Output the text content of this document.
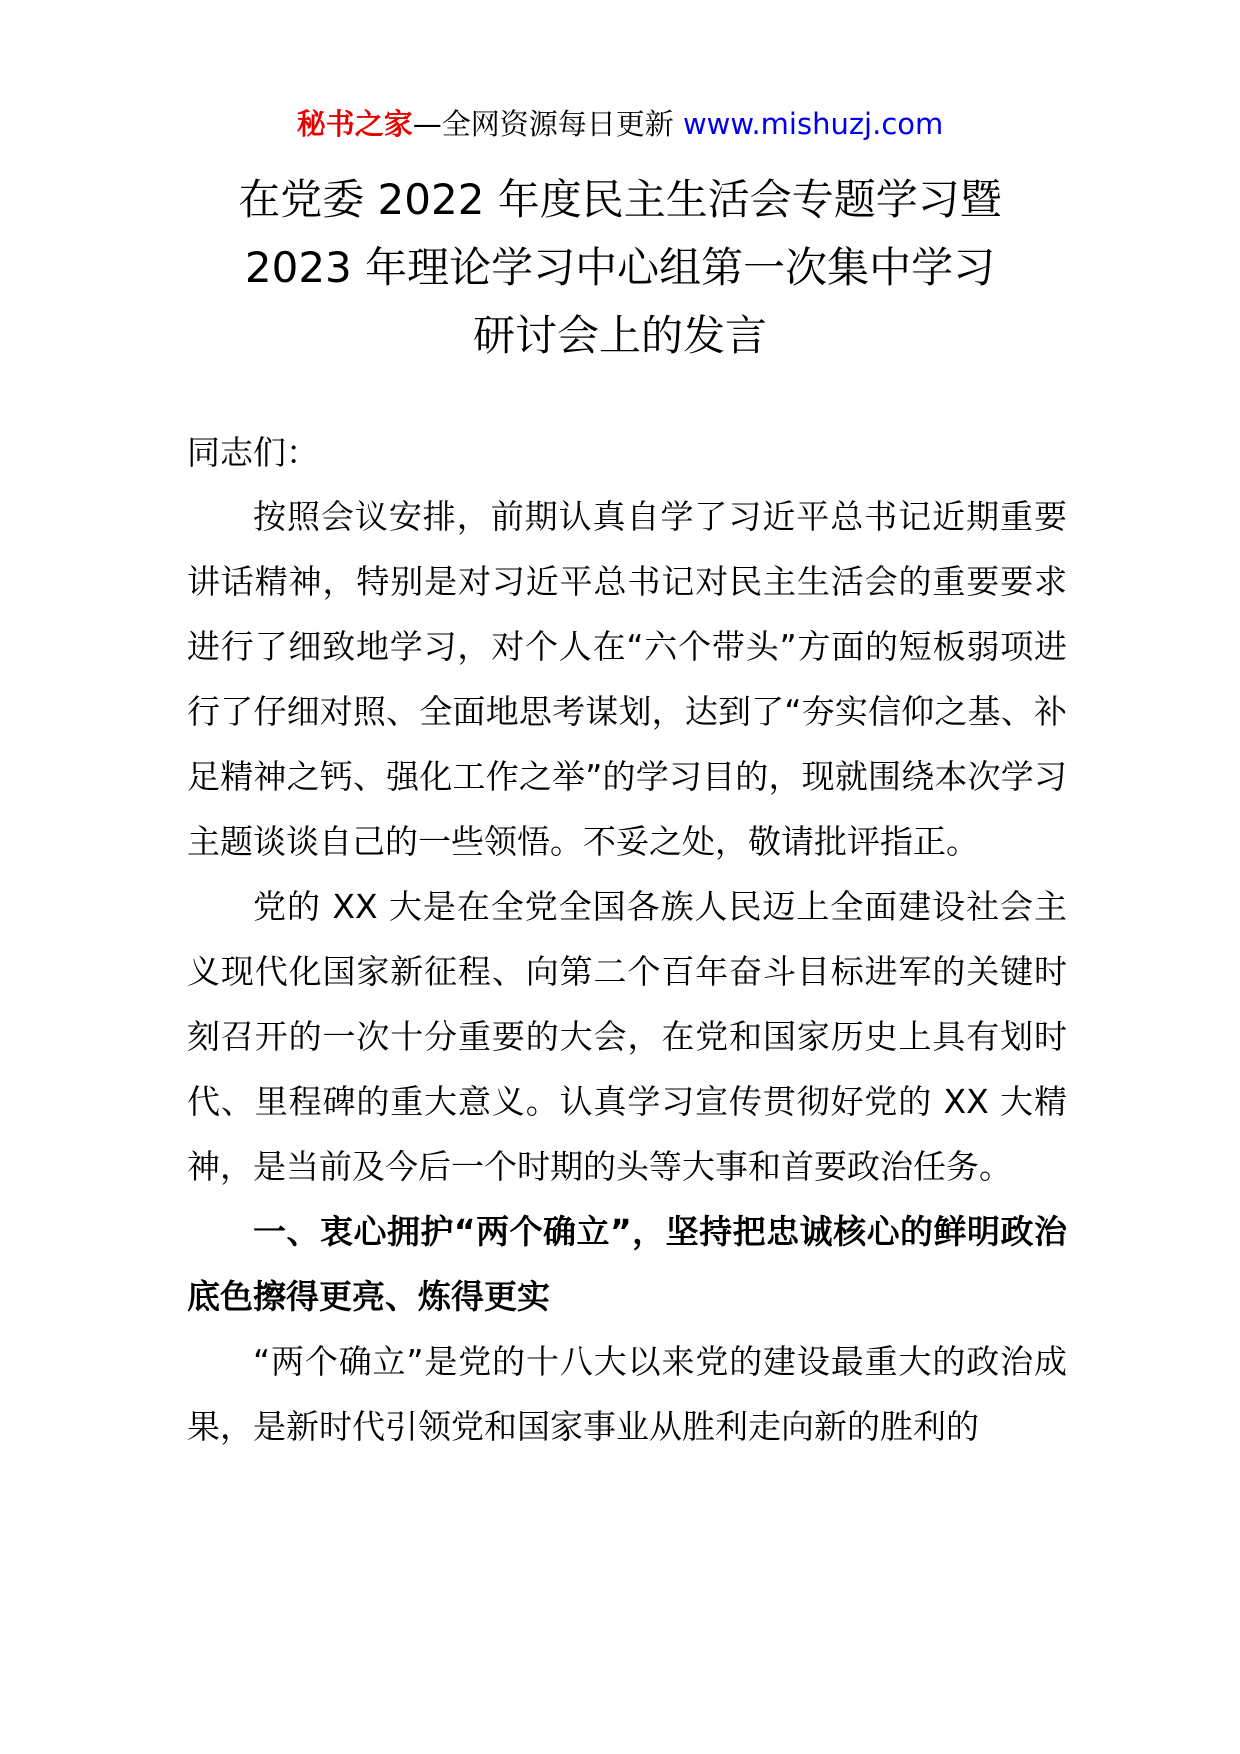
秘书之家—全网资源每日更新 www.mishuzj.com
在党委 2022 年度民主生活会专题学习暨
2023 年理论学习中心组第一次集中学习
研讨会上的发言

同志们：

按照会议安排，前期认真自学了习近平总书记近期重要讲话精神，特别是对习近平总书记对民主生活会的重要要求进行了细致地学习，对个人在“六个带头”方面的短板弱项进行了仔细对照、全面地思考谋划，达到了“夯实信仰之基、补足精神之钙、强化工作之举”的学习目的，现就围绕本次学习主题谈谈自己的一些领悟。不妥之处，敬请批评指正。

党的 XX 大是在全党全国各族人民迈上全面建设社会主义现代化国家新征程、向第二个百年奋斗目标进军的关键时刻召开的一次十分重要的大会，在党和国家历史上具有划时代、里程碑的重大意义。认真学习宣传贯彻好党的 XX 大精神，是当前及今后一个时期的头等大事和首要政治任务。

一、衷心拥护“两个确立”，坚持把忠诚核心的鲜明政治底色擦得更亮、炼得更实

“两个确立”是党的十八大以来党的建设最重大的政治成果，是新时代引领党和国家事业从胜利走向新的胜利的
